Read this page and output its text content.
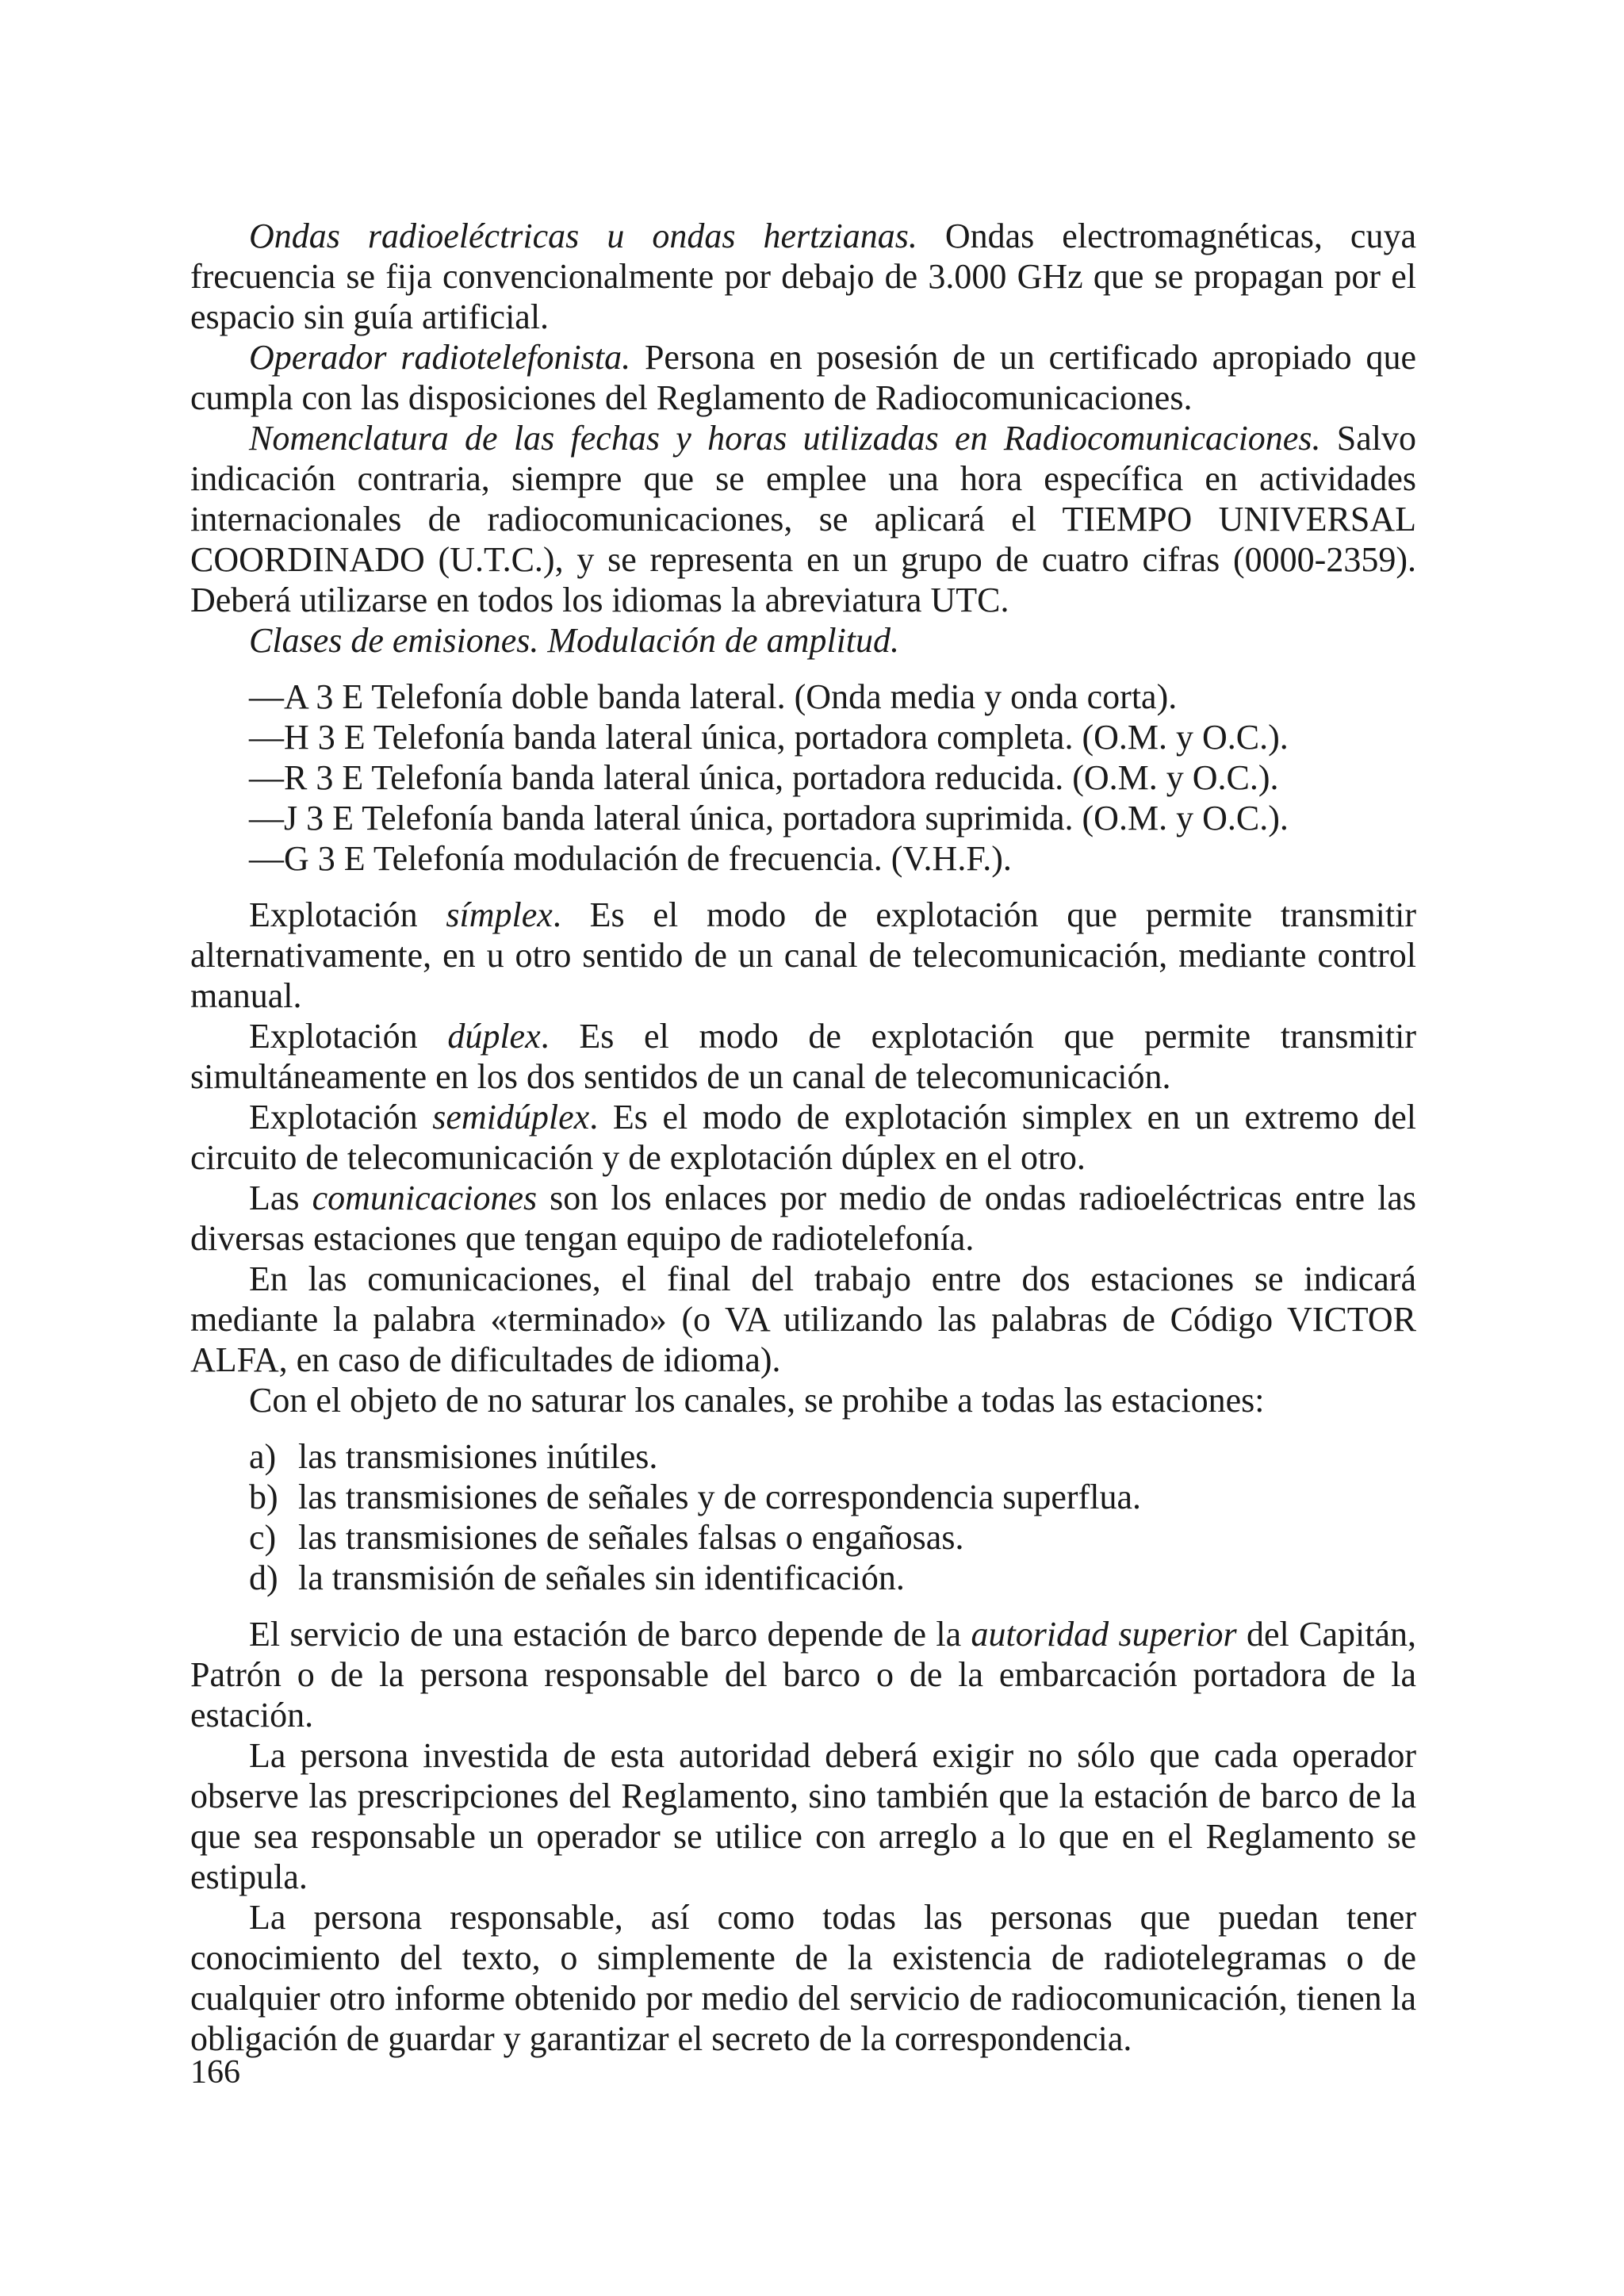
Ondas radioeléctricas u ondas hertzianas. Ondas electromagnéticas, cuya frecuencia se fija convencionalmente por debajo de 3.000 GHz que se propagan por el espacio sin guía artificial.

Operador radiotelefonista. Persona en posesión de un certificado apropiado que cumpla con las disposiciones del Reglamento de Radiocomunicaciones.

Nomenclatura de las fechas y horas utilizadas en Radiocomunicaciones. Salvo indicación contraria, siempre que se emplee una hora específica en actividades internacionales de radiocomunicaciones, se aplicará el TIEMPO UNIVERSAL COORDINADO (U.T.C.), y se representa en un grupo de cuatro cifras (0000-2359). Deberá utilizarse en todos los idiomas la abreviatura UTC.

Clases de emisiones. Modulación de amplitud.

—A 3 E Telefonía doble banda lateral. (Onda media y onda corta).
—H 3 E Telefonía banda lateral única, portadora completa. (O.M. y O.C.).
—R 3 E Telefonía banda lateral única, portadora reducida. (O.M. y O.C.).
—J 3 E Telefonía banda lateral única, portadora suprimida. (O.M. y O.C.).
—G 3 E Telefonía modulación de frecuencia. (V.H.F.).

Explotación símplex. Es el modo de explotación que permite transmitir alternativamente, en u otro sentido de un canal de telecomunicación, mediante control manual.

Explotación dúplex. Es el modo de explotación que permite transmitir simultáneamente en los dos sentidos de un canal de telecomunicación.

Explotación semidúplex. Es el modo de explotación simplex en un extremo del circuito de telecomunicación y de explotación dúplex en el otro.

Las comunicaciones son los enlaces por medio de ondas radioeléctricas entre las diversas estaciones que tengan equipo de radiotelefonía.

En las comunicaciones, el final del trabajo entre dos estaciones se indicará mediante la palabra «terminado» (o VA utilizando las palabras de Código VICTOR ALFA, en caso de dificultades de idioma).

Con el objeto de no saturar los canales, se prohibe a todas las estaciones:

a) las transmisiones inútiles.
b) las transmisiones de señales y de correspondencia superflua.
c) las transmisiones de señales falsas o engañosas.
d) la transmisión de señales sin identificación.

El servicio de una estación de barco depende de la autoridad superior del Capitán, Patrón o de la persona responsable del barco o de la embarcación portadora de la estación.

La persona investida de esta autoridad deberá exigir no sólo que cada operador observe las prescripciones del Reglamento, sino también que la estación de barco de la que sea responsable un operador se utilice con arreglo a lo que en el Reglamento se estipula.

La persona responsable, así como todas las personas que puedan tener conocimiento del texto, o simplemente de la existencia de radiotelegramas o de cualquier otro informe obtenido por medio del servicio de radiocomunicación, tienen la obligación de guardar y garantizar el secreto de la correspondencia.

166
